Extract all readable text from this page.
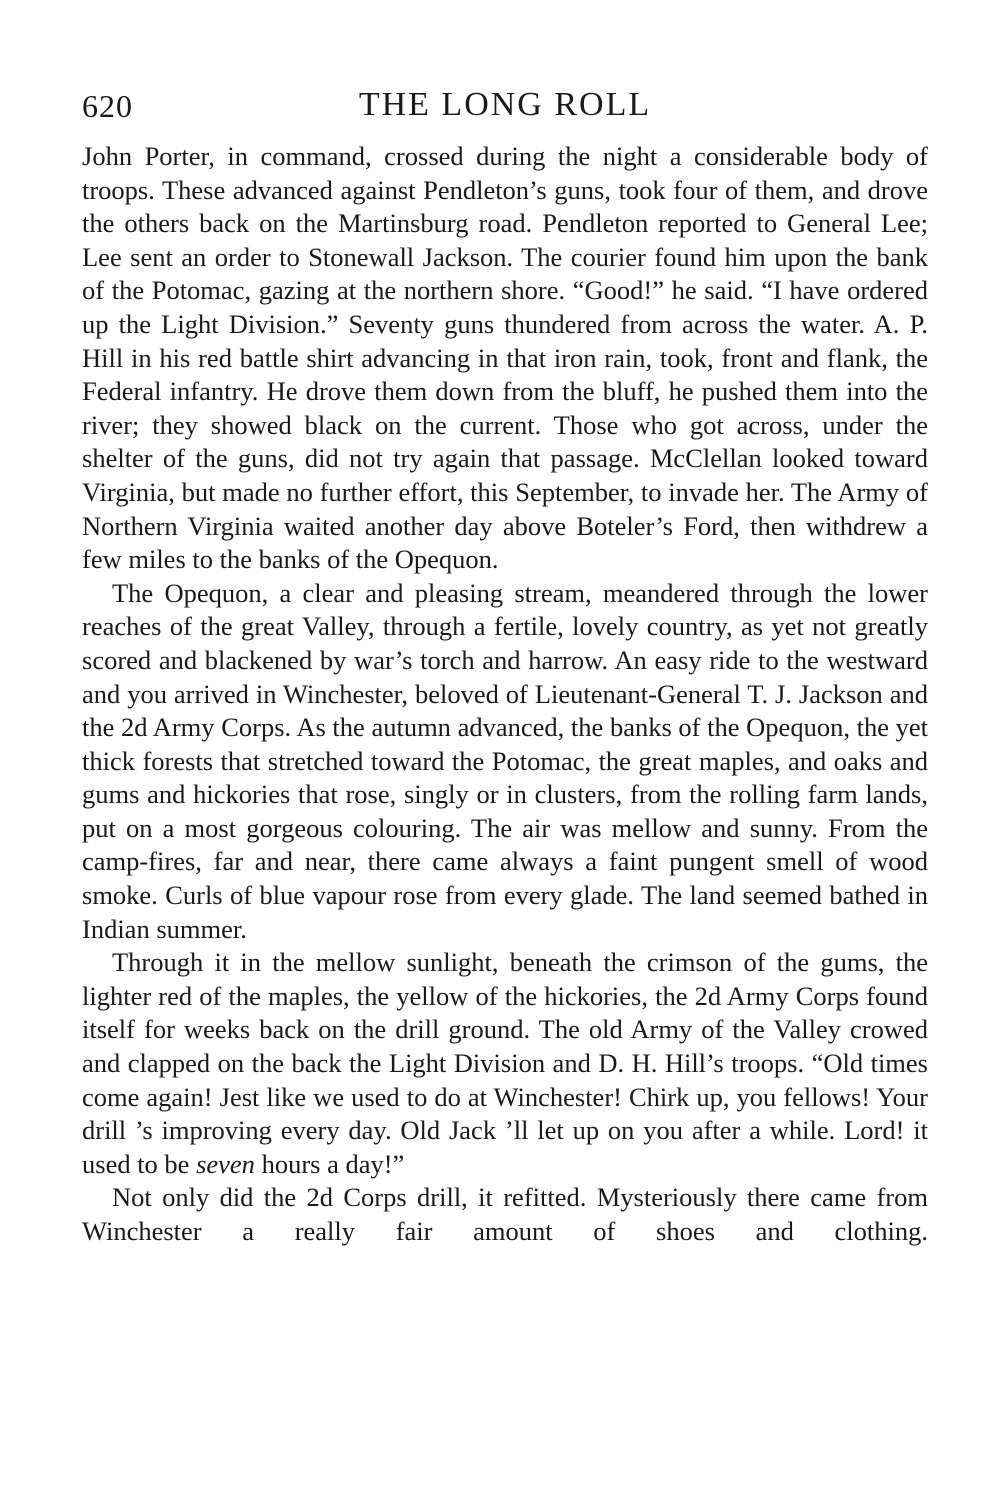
620	THE LONG ROLL

John Porter, in command, crossed during the night a considerable body of troops. These advanced against Pendleton’s guns, took four of them, and drove the others back on the Martinsburg road. Pendleton reported to General Lee; Lee sent an order to Stonewall Jackson. The courier found him upon the bank of the Potomac, gazing at the northern shore. “Good!” he said. “I have ordered up the Light Division.” Seventy guns thundered from across the water. A. P. Hill in his red battle shirt advancing in that iron rain, took, front and flank, the Federal infantry. He drove them down from the bluff, he pushed them into the river; they showed black on the current. Those who got across, under the shelter of the guns, did not try again that passage. McClellan looked toward Virginia, but made no further effort, this September, to invade her. The Army of Northern Virginia waited another day above Boteler’s Ford, then withdrew a few miles to the banks of the Opequon.

The Opequon, a clear and pleasing stream, meandered through the lower reaches of the great Valley, through a fertile, lovely country, as yet not greatly scored and blackened by war’s torch and harrow. An easy ride to the westward and you arrived in Winchester, beloved of Lieutenant-General T. J. Jackson and the 2d Army Corps. As the autumn advanced, the banks of the Opequon, the yet thick forests that stretched toward the Potomac, the great maples, and oaks and gums and hickories that rose, singly or in clusters, from the rolling farm lands, put on a most gorgeous colouring. The air was mellow and sunny. From the camp-fires, far and near, there came always a faint pungent smell of wood smoke. Curls of blue vapour rose from every glade. The land seemed bathed in Indian summer.

Through it in the mellow sunlight, beneath the crimson of the gums, the lighter red of the maples, the yellow of the hickories, the 2d Army Corps found itself for weeks back on the drill ground. The old Army of the Valley crowed and clapped on the back the Light Division and D. H. Hill’s troops. “Old times come again! Jest like we used to do at Winchester! Chirk up, you fellows! Your drill ’s improving every day. Old Jack ’ll let up on you after a while. Lord! it used to be seven hours a day!”

Not only did the 2d Corps drill, it refitted. Mysteriously there came from Winchester a really fair amount of shoes and clothing.
